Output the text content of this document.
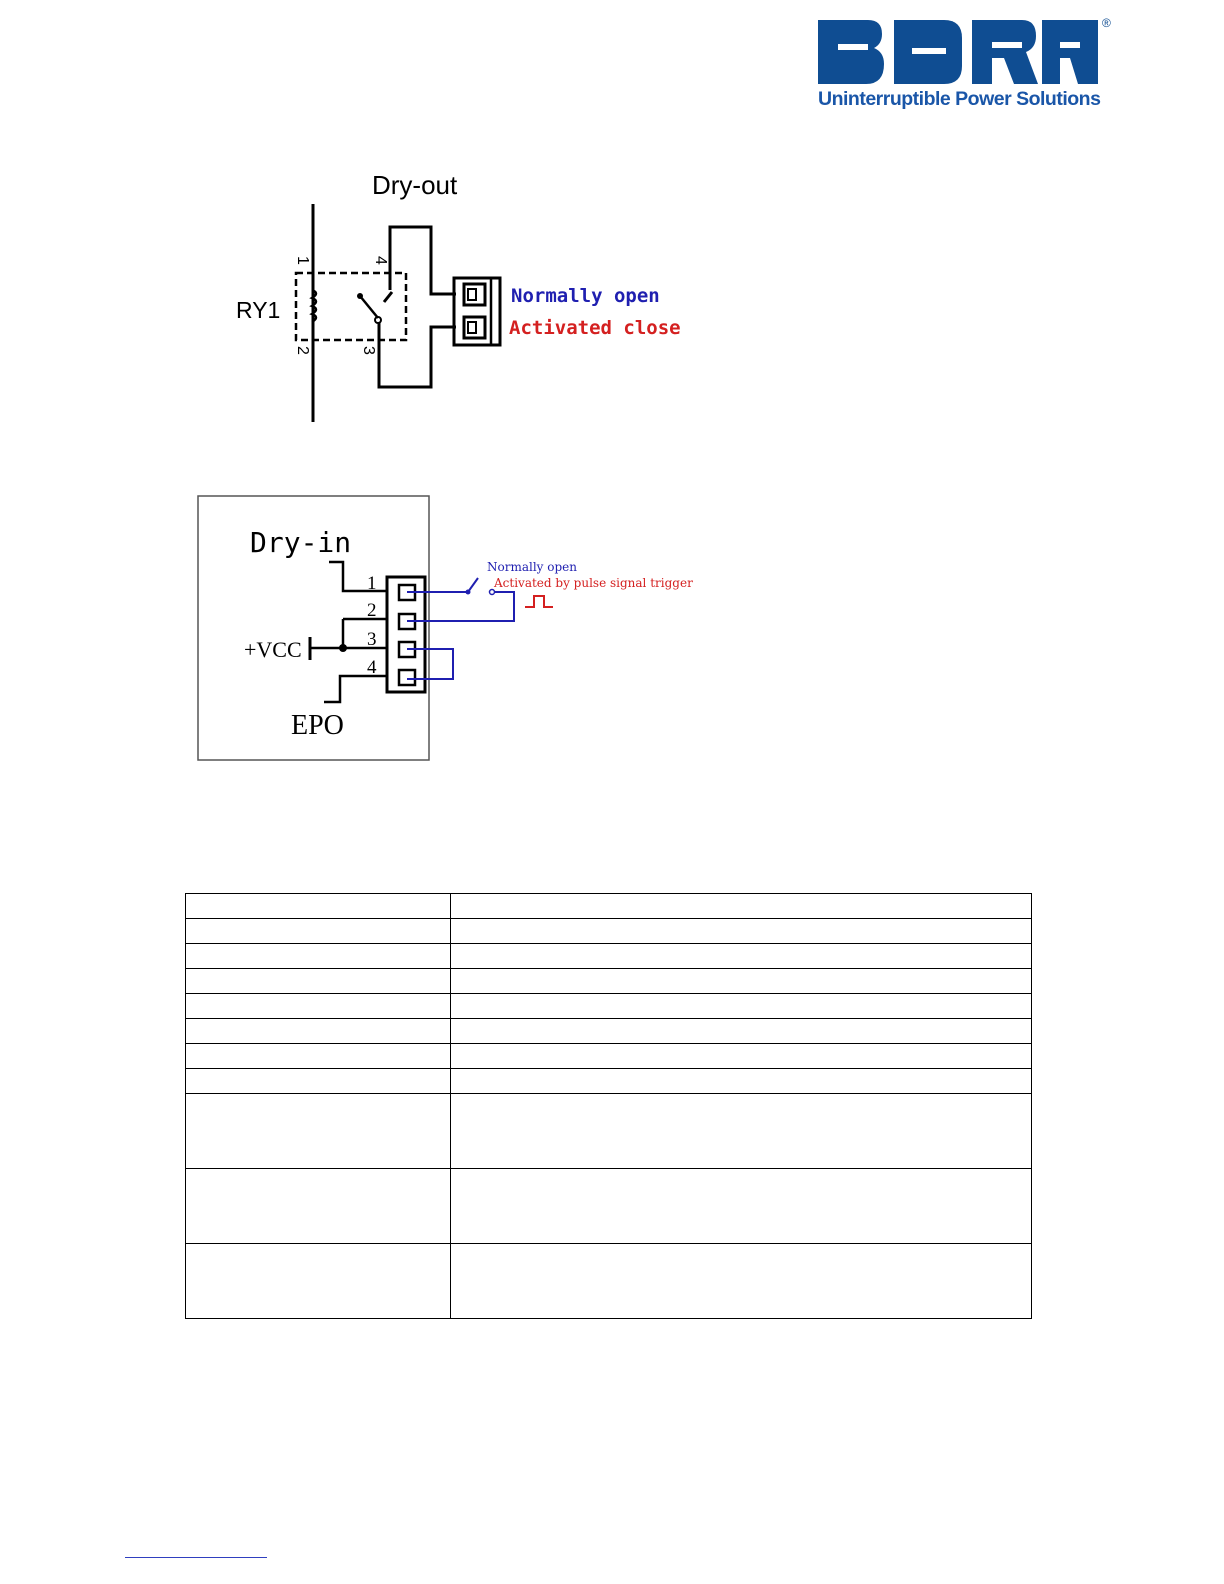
®
Uninterruptible Power Solutions
Dry-out
RY1
1
2	3
4
Normally open
Activated close
Dry-in
+VCC
EPO
1
2
3
4
Normally open
Activated by pulse signal trigger
